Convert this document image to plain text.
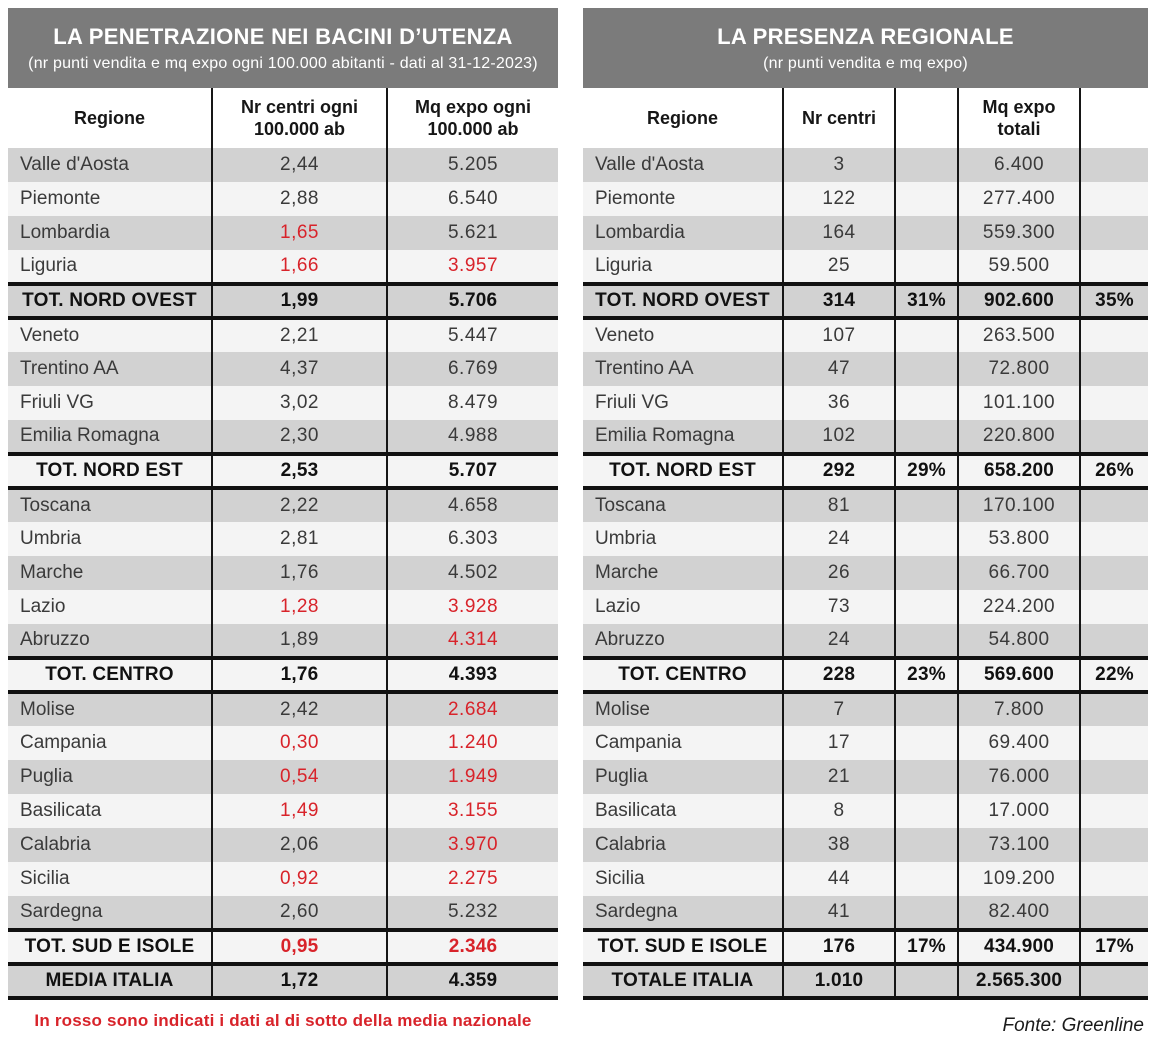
LA PENETRAZIONE NEI BACINI D’UTENZA
(nr punti vendita e mq expo ogni 100.000 abitanti - dati al 31-12-2023)
Regione	Nr centri ogni 100.000 ab	Mq expo ogni 100.000 ab
Valle d'Aosta	2,44	5.205
Piemonte	2,88	6.540
Lombardia	1,65	5.621
Liguria	1,66	3.957
TOT. NORD OVEST	1,99	5.706
Veneto	2,21	5.447
Trentino AA	4,37	6.769
Friuli VG	3,02	8.479
Emilia Romagna	2,30	4.988
TOT. NORD EST	2,53	5.707
Toscana	2,22	4.658
Umbria	2,81	6.303
Marche	1,76	4.502
Lazio	1,28	3.928
Abruzzo	1,89	4.314
TOT. CENTRO	1,76	4.393
Molise	2,42	2.684
Campania	0,30	1.240
Puglia	0,54	1.949
Basilicata	1,49	3.155
Calabria	2,06	3.970
Sicilia	0,92	2.275
Sardegna	2,60	5.232
TOT. SUD E ISOLE	0,95	2.346
MEDIA ITALIA	1,72	4.359
In rosso sono indicati i dati al di sotto della media nazionale
LA PRESENZA REGIONALE
(nr punti vendita e mq expo)
Regione	Nr centri		Mq expo totali	
Valle d'Aosta	3		6.400	
Piemonte	122		277.400	
Lombardia	164		559.300	
Liguria	25		59.500	
TOT. NORD OVEST	314	31%	902.600	35%
Veneto	107		263.500	
Trentino AA	47		72.800	
Friuli VG	36		101.100	
Emilia Romagna	102		220.800	
TOT. NORD EST	292	29%	658.200	26%
Toscana	81		170.100	
Umbria	24		53.800	
Marche	26		66.700	
Lazio	73		224.200	
Abruzzo	24		54.800	
TOT. CENTRO	228	23%	569.600	22%
Molise	7		7.800	
Campania	17		69.400	
Puglia	21		76.000	
Basilicata	8		17.000	
Calabria	38		73.100	
Sicilia	44		109.200	
Sardegna	41		82.400	
TOT. SUD E ISOLE	176	17%	434.900	17%
TOTALE ITALIA	1.010		2.565.300	
Fonte: Greenline
